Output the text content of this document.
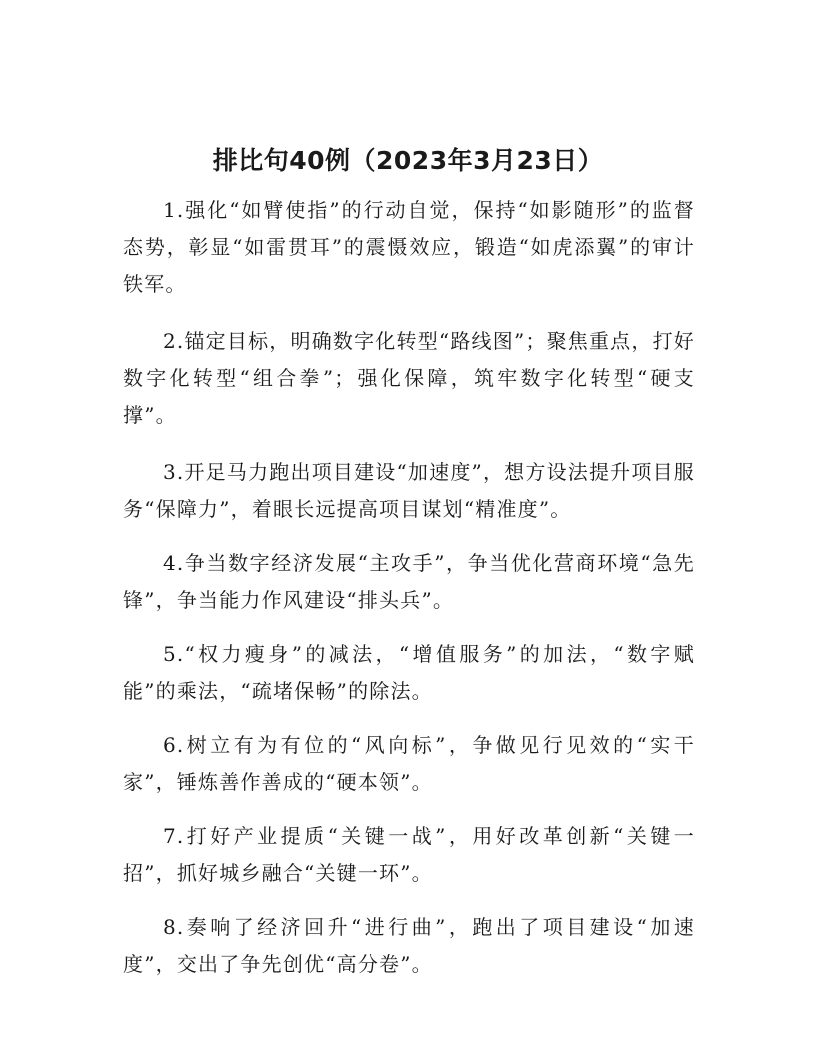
排比句40例（2023年3月23日）

1.强化“如臂使指”的行动自觉，保持“如影随形”的监督态势，彰显“如雷贯耳”的震慑效应，锻造“如虎添翼”的审计铁军。

2.锚定目标，明确数字化转型“路线图”；聚焦重点，打好数字化转型“组合拳”；强化保障，筑牢数字化转型“硬支撑”。

3.开足马力跑出项目建设“加速度”，想方设法提升项目服务“保障力”，着眼长远提高项目谋划“精准度”。

4.争当数字经济发展“主攻手”，争当优化营商环境“急先锋”，争当能力作风建设“排头兵”。

5.“权力瘦身”的减法，“增值服务”的加法，“数字赋能”的乘法，“疏堵保畅”的除法。

6.树立有为有位的“风向标”，争做见行见效的“实干家”，锤炼善作善成的“硬本领”。

7.打好产业提质“关键一战”，用好改革创新“关键一招”，抓好城乡融合“关键一环”。

8.奏响了经济回升“进行曲”，跑出了项目建设“加速度”，交出了争先创优“高分卷”。
